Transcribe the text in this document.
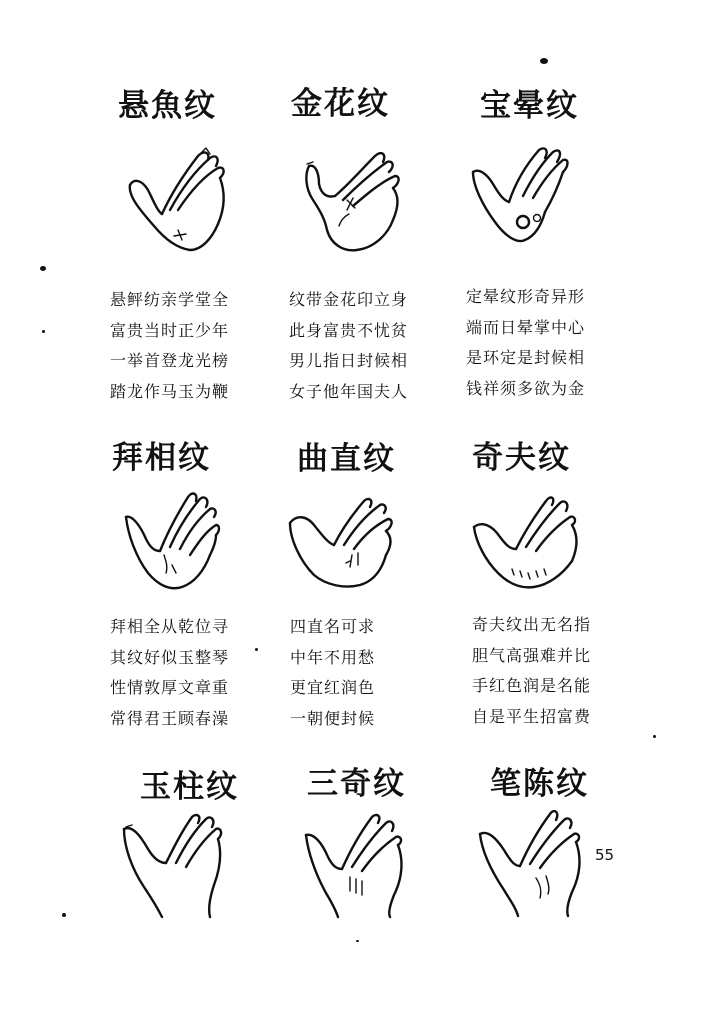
悬魚纹 金花纹	宝晕纹
悬鲆纺亲学堂全
富贵当时正少年
一举首登龙光榜
踏龙作马玉为鞭
纹带金花印立身
此身富贵不忧贫
男儿指日封候相
女子他年国夫人
定晕纹形奇异形
端而日晕掌中心
是环定是封候相
钱祥须多欲为金
拜相纹	曲直纹 奇夫纹
拜相全从乾位寻
其纹好似玉整琴
性情敦厚文章重
常得君王顾春澡
四直名可求
中年不用愁
更宜红润色
一朝便封候
奇夫纹出无名指
胆气高强难并比
手红色润是名能
自是平生招富费
玉柱纹 三奇纹	笔陈纹
55
